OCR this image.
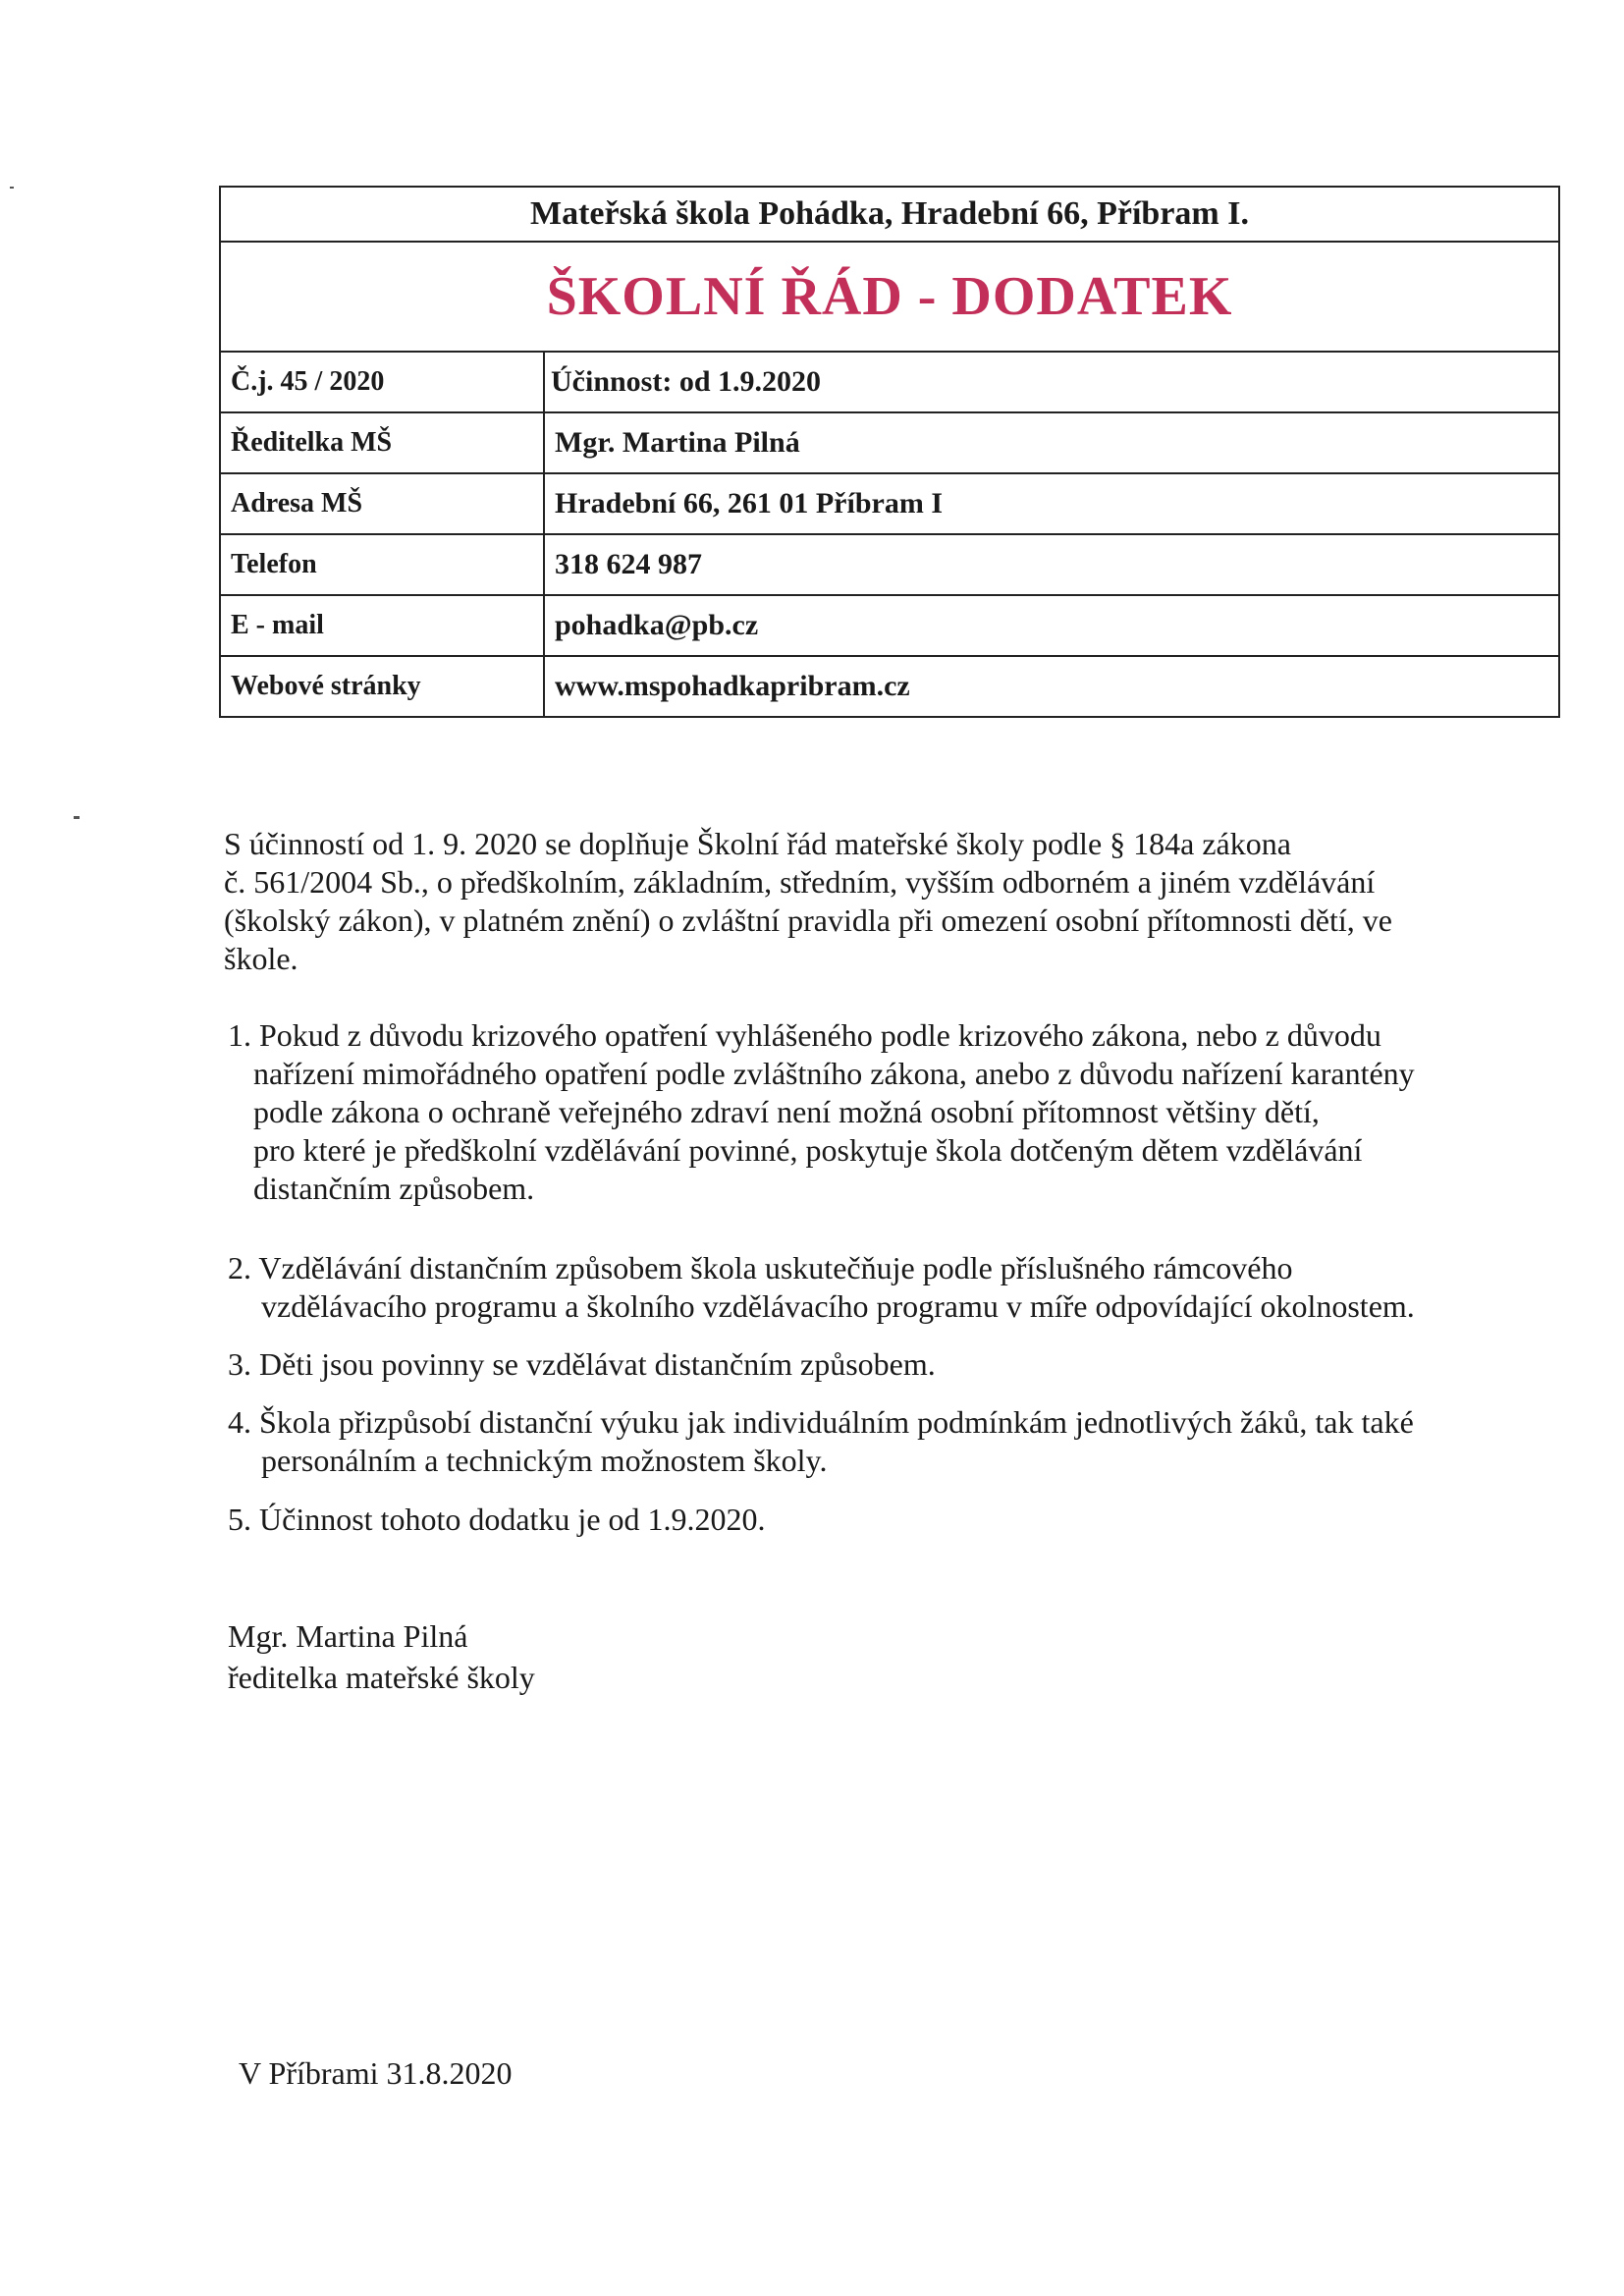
Mateřská škola Pohádka, Hradební 66, Příbram I.	
ŠKOLNÍ ŘÁD - DODATEK	
Č.j. 45 / 2020	Účinnost: od 1.9.2020
Ředitelka MŠ	Mgr. Martina Pilná
Adresa MŠ	Hradební 66, 261 01 Příbram I
Telefon	318 624 987
E - mail	pohadka@pb.cz
Webové stránky	www.mspohadkapribram.cz
S účinností od 1. 9. 2020 se doplňuje Školní řád mateřské školy podle § 184a zákona
č. 561/2004 Sb., o předškolním, základním, středním, vyšším odborném a jiném vzdělávání
(školský zákon), v platném znění) o zvláštní pravidla při omezení osobní přítomnosti dětí, ve
škole.
1. Pokud z důvodu krizového opatření vyhlášeného podle krizového zákona, nebo z důvodu
nařízení mimořádného opatření podle zvláštního zákona, anebo z důvodu nařízení karantény
podle zákona o ochraně veřejného zdraví není možná osobní přítomnost většiny dětí,
pro které je předškolní vzdělávání povinné, poskytuje škola dotčeným dětem vzdělávání
distančním způsobem.
2. Vzdělávání distančním způsobem škola uskutečňuje podle příslušného rámcového
vzdělávacího programu a školního vzdělávacího programu v míře odpovídající okolnostem.
3. Děti jsou povinny se vzdělávat distančním způsobem.
4. Škola přizpůsobí distanční výuku jak individuálním podmínkám jednotlivých žáků, tak také
personálním a technickým možnostem školy.
5. Účinnost tohoto dodatku je od 1.9.2020.
Mgr. Martina Pilná
ředitelka mateřské školy
V Příbrami 31.8.2020
